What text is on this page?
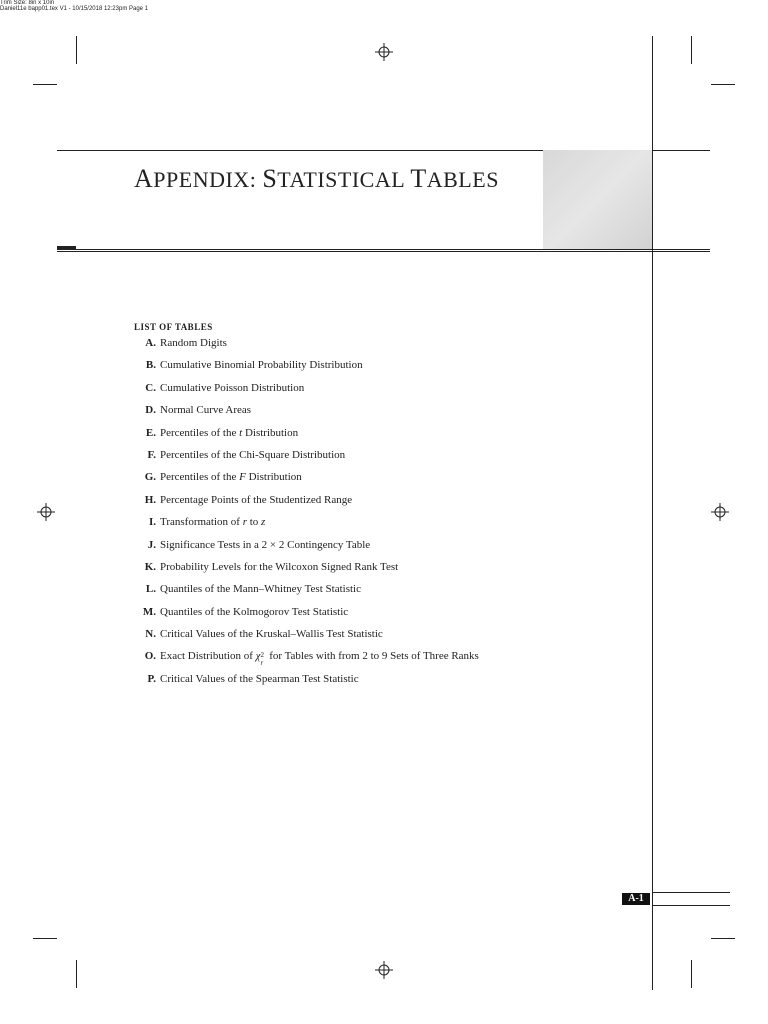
Trim Size: 8in x 10in
Daniel11e bapp01.tex V1 - 10/15/2018 12:23pm Page 1
APPENDIX: STATISTICAL TABLES
LIST OF TABLES
A. Random Digits
B. Cumulative Binomial Probability Distribution
C. Cumulative Poisson Distribution
D. Normal Curve Areas
E. Percentiles of the t Distribution
F. Percentiles of the Chi-Square Distribution
G. Percentiles of the F Distribution
H. Percentage Points of the Studentized Range
I. Transformation of r to z
J. Significance Tests in a 2 × 2 Contingency Table
K. Probability Levels for the Wilcoxon Signed Rank Test
L. Quantiles of the Mann–Whitney Test Statistic
M. Quantiles of the Kolmogorov Test Statistic
N. Critical Values of the Kruskal–Wallis Test Statistic
O. Exact Distribution of χ 2
r
for Tables with from 2 to 9 Sets of Three Ranks
P. Critical Values of the Spearman Test Statistic
A-1
